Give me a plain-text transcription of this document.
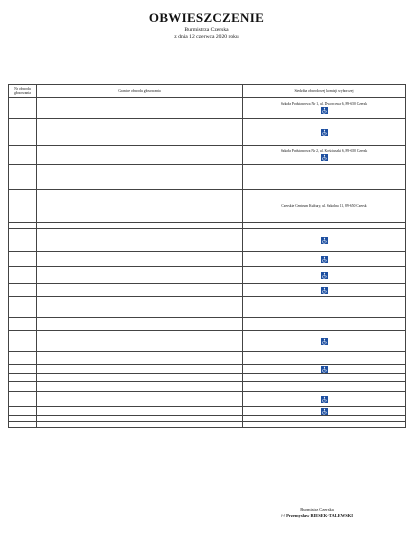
OBWIESZCZENIE
Burmistrza Czerska
z dnia 12 czerwca 2020 roku
Nr obwodu głosowania	Granice obwodu głosowania	Siedziba obwodowej komisji wyborczej

		Szkoła Podstawowa Nr 1, ul. Dworcowa 6, 89-650 Czersk

		Szkoła Podstawowa Nr 2, ul. Kościuszki 6, 89-650 Czersk

		Czerskie Centrum Kultury, ul. Szkolna 11, 89-650 Czersk

Burmistrz Czerska
/-/ Przemysław BIESEK-TALEWSKI
